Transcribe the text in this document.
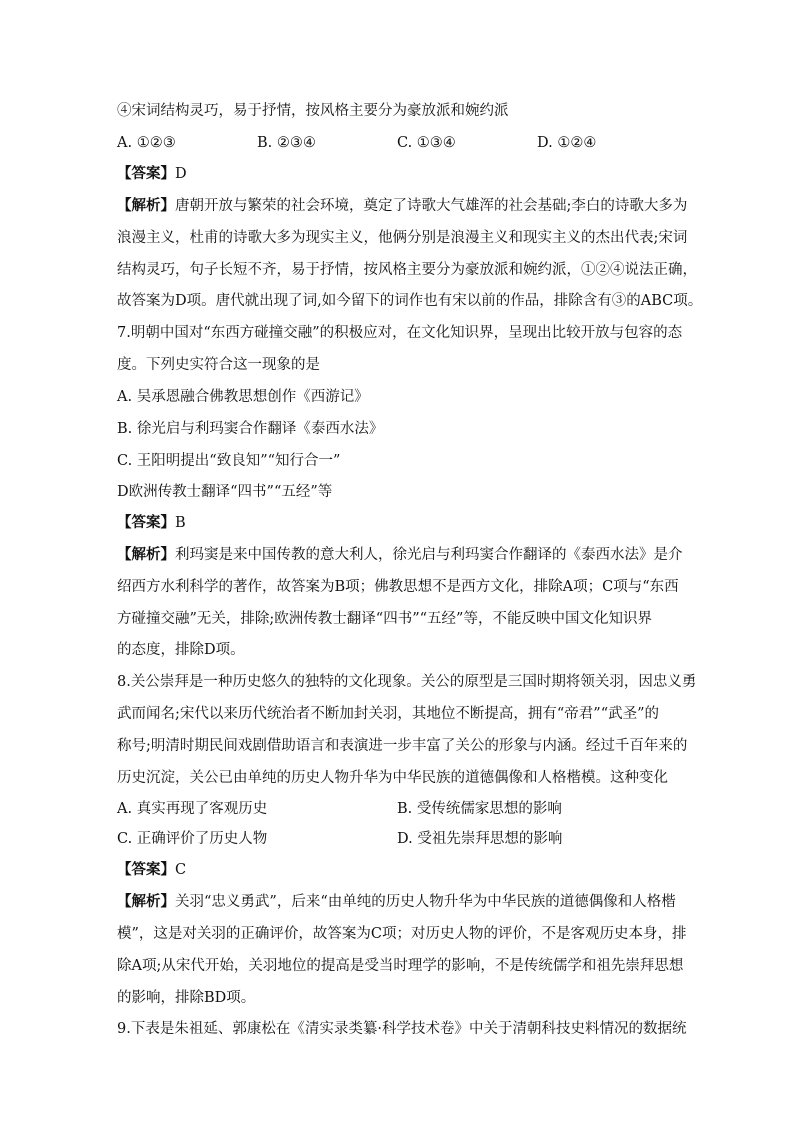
④宋词结构灵巧，易于抒情，按风格主要分为豪放派和婉约派
A. ①②③	B. ②③④	C. ①③④	D. ①②④
【答案】D
【解析】唐朝开放与繁荣的社会环境，奠定了诗歌大气雄浑的社会基础;李白的诗歌大多为
浪漫主义，杜甫的诗歌大多为现实主义，他俩分别是浪漫主义和现实主义的杰出代表;宋词
结构灵巧，句子长短不齐，易于抒情，按风格主要分为豪放派和婉约派，①②④说法正确，
故答案为D项。唐代就出现了词,如今留下的词作也有宋以前的作品，排除含有③的ABC项。
7.明朝中国对“东西方碰撞交融”的积极应对，在文化知识界，呈现出比较开放与包容的态
度。下列史实符合这一现象的是
A. 吴承恩融合佛教思想创作《西游记》
B. 徐光启与利玛窦合作翻译《泰西水法》
C. 王阳明提出“致良知”“知行合一”
D欧洲传教士翻译“四书”“五经”等
【答案】B
【解析】利玛窦是来中国传教的意大利人，徐光启与利玛窦合作翻译的《泰西水法》是介
绍西方水利科学的著作，故答案为B项；佛教思想不是西方文化，排除A项；C项与“东西
方碰撞交融”无关，排除;欧洲传教士翻译“四书”“五经”等，不能反映中国文化知识界
的态度，排除D项。
8.关公崇拜是一种历史悠久的独特的文化现象。关公的原型是三国时期将领关羽，因忠义勇
武而闻名;宋代以来历代统治者不断加封关羽，其地位不断提高，拥有“帝君”“武圣”的
称号;明清时期民间戏剧借助语言和表演进一步丰富了关公的形象与内涵。经过千百年来的
历史沉淀，关公已由单纯的历史人物升华为中华民族的道德偶像和人格楷模。这种变化
A. 真实再现了客观历史	B. 受传统儒家思想的影响
C. 正确评价了历史人物	D. 受祖先崇拜思想的影响
【答案】C
【解析】关羽“忠义勇武”，后来“由单纯的历史人物升华为中华民族的道德偶像和人格楷
模”，这是对关羽的正确评价，故答案为C项；对历史人物的评价，不是客观历史本身，排
除A项;从宋代开始，关羽地位的提高是受当时理学的影响，不是传统儒学和祖先崇拜思想
的影响，排除BD项。
9.下表是朱祖延、郭康松在《清实录类纂·科学技术卷》中关于清朝科技史料情况的数据统
